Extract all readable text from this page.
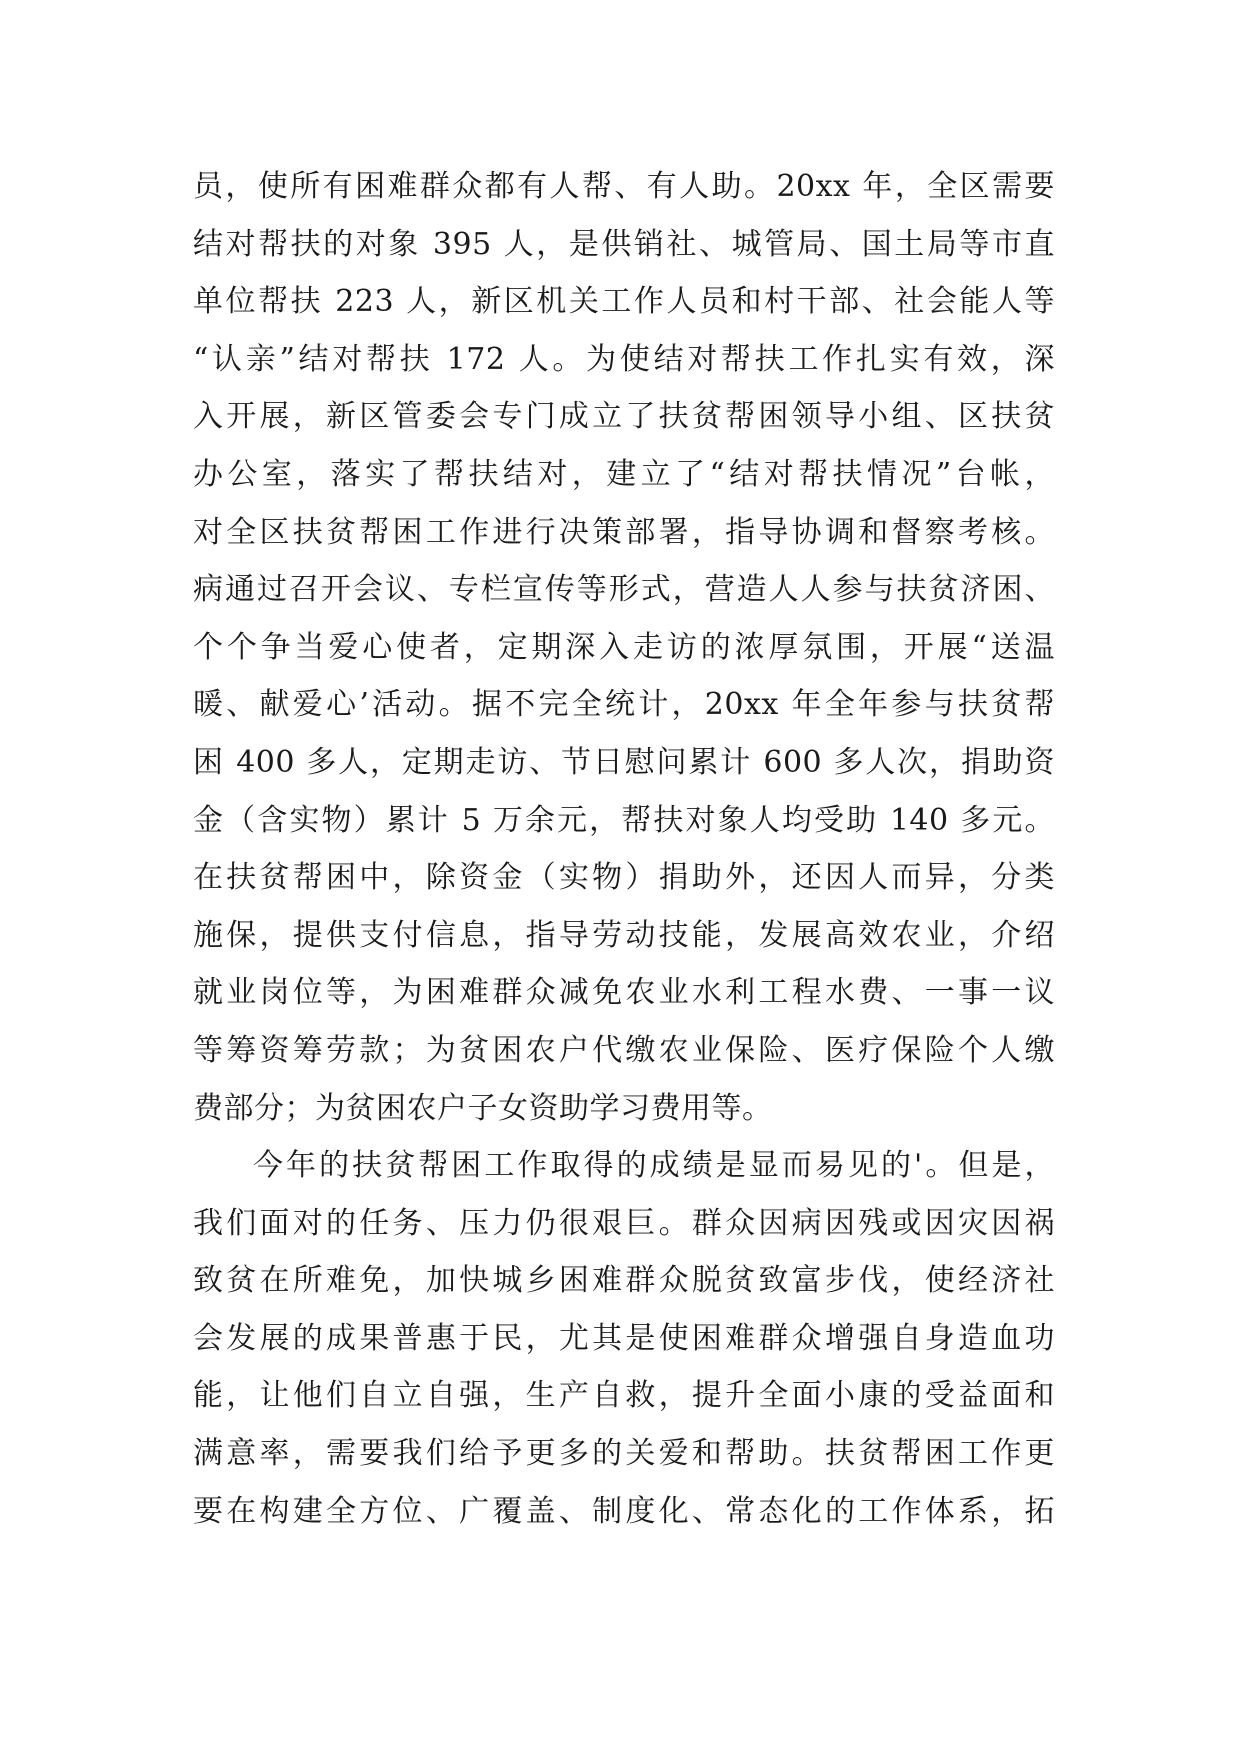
员，使所有困难群众都有人帮、有人助。20xx 年，全区需要
结对帮扶的对象 395 人，是供销社、城管局、国土局等市直
单位帮扶 223 人，新区机关工作人员和村干部、社会能人等
“认亲”结对帮扶 172 人。为使结对帮扶工作扎实有效，深
入开展，新区管委会专门成立了扶贫帮困领导小组、区扶贫
办公室，落实了帮扶结对，建立了“结对帮扶情况”台帐，
对全区扶贫帮困工作进行决策部署，指导协调和督察考核。
病通过召开会议、专栏宣传等形式，营造人人参与扶贫济困、
个个争当爱心使者，定期深入走访的浓厚氛围，开展“送温
暖、献爱心’活动。据不完全统计，20xx 年全年参与扶贫帮
困 400 多人，定期走访、节日慰问累计 600 多人次，捐助资
金（含实物）累计 5 万余元，帮扶对象人均受助 140 多元。
在扶贫帮困中，除资金（实物）捐助外，还因人而异，分类
施保，提供支付信息，指导劳动技能，发展高效农业，介绍
就业岗位等，为困难群众减免农业水利工程水费、一事一议
等筹资筹劳款；为贫困农户代缴农业保险、医疗保险个人缴
费部分；为贫困农户子女资助学习费用等。
今年的扶贫帮困工作取得的成绩是显而易见的'。但是，
我们面对的任务、压力仍很艰巨。群众因病因残或因灾因祸
致贫在所难免，加快城乡困难群众脱贫致富步伐，使经济社
会发展的成果普惠于民，尤其是使困难群众增强自身造血功
能，让他们自立自强，生产自救，提升全面小康的受益面和
满意率，需要我们给予更多的关爱和帮助。扶贫帮困工作更
要在构建全方位、广覆盖、制度化、常态化的工作体系，拓
